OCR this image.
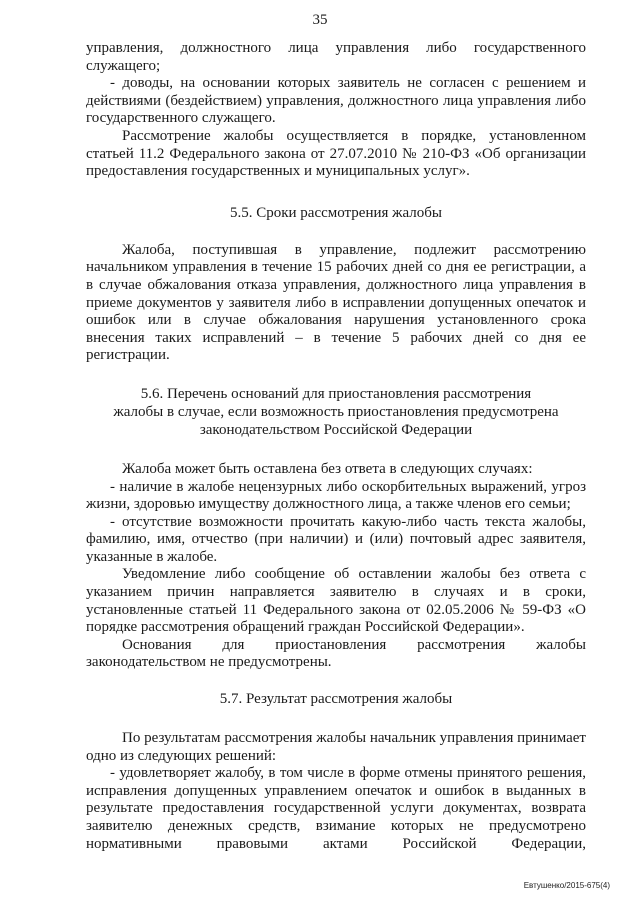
35

управления, должностного лица управления либо государственного служащего;

- доводы, на основании которых заявитель не согласен с решением и действиями (бездействием) управления, должностного лица управления либо государственного служащего.

Рассмотрение жалобы осуществляется в порядке, установленном статьей 11.2 Федерального закона от 27.07.2010 № 210-ФЗ «Об организации предоставления государственных и муниципальных услуг».

5.5. Сроки рассмотрения жалобы

Жалоба, поступившая в управление, подлежит рассмотрению начальником управления в течение 15 рабочих дней со дня ее регистрации, а в случае обжалования отказа управления, должностного лица управления в приеме документов у заявителя либо в исправлении допущенных опечаток и ошибок или в случае обжалования нарушения установленного срока внесения таких исправлений – в течение 5 рабочих дней со дня ее регистрации.

5.6. Перечень оснований для приостановления рассмотрения
жалобы в случае, если возможность приостановления предусмотрена
законодательством Российской Федерации

Жалоба может быть оставлена без ответа в следующих случаях:

- наличие в жалобе нецензурных либо оскорбительных выражений, угроз жизни, здоровью имуществу должностного лица, а также членов его семьи;

- отсутствие возможности прочитать какую-либо часть текста жалобы, фамилию, имя, отчество (при наличии) и (или) почтовый адрес заявителя, указанные в жалобе.

Уведомление либо сообщение об оставлении жалобы без ответа с указанием причин направляется заявителю в случаях и в сроки, установленные статьей 11 Федерального закона от 02.05.2006 № 59-ФЗ «О порядке рассмотрения обращений граждан Российской Федерации».

Основания для приостановления рассмотрения жалобы законодательством не предусмотрены.

5.7. Результат рассмотрения жалобы

По результатам рассмотрения жалобы начальник управления принимает одно из следующих решений:

- удовлетворяет жалобу, в том числе в форме отмены принятого решения, исправления допущенных управлением опечаток и ошибок в выданных в результате предоставления государственной услуги документах, возврата заявителю денежных средств, взимание которых не предусмотрено нормативными правовыми актами Российской Федерации,

Евтушенко/2015-675(4)
